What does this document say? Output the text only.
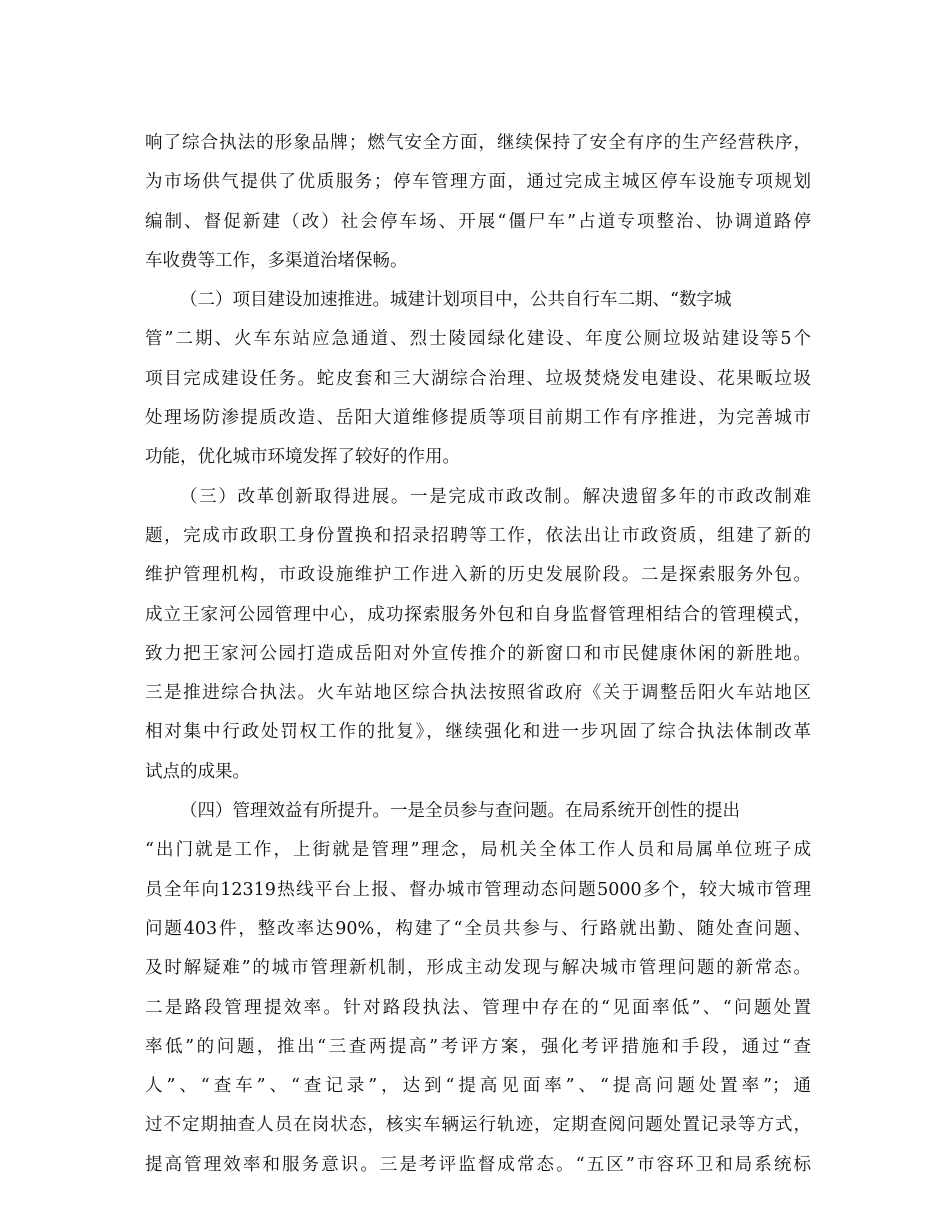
响了综合执法的形象品牌；燃气安全方面，继续保持了安全有序的生产经营秩序，
为市场供气提供了优质服务；停车管理方面，通过完成主城区停车设施专项规划
编制、督促新建（改）社会停车场、开展“僵尸车”占道专项整治、协调道路停
车收费等工作，多渠道治堵保畅。
（二）项目建设加速推进。城建计划项目中，公共自行车二期、“数字城
管”二期、火车东站应急通道、烈士陵园绿化建设、年度公厕垃圾站建设等5个
项目完成建设任务。蛇皮套和三大湖综合治理、垃圾焚烧发电建设、花果畈垃圾
处理场防渗提质改造、岳阳大道维修提质等项目前期工作有序推进，为完善城市
功能，优化城市环境发挥了较好的作用。
（三）改革创新取得进展。一是完成市政改制。解决遗留多年的市政改制难
题，完成市政职工身份置换和招录招聘等工作，依法出让市政资质，组建了新的
维护管理机构，市政设施维护工作进入新的历史发展阶段。二是探索服务外包。
成立王家河公园管理中心，成功探索服务外包和自身监督管理相结合的管理模式，
致力把王家河公园打造成岳阳对外宣传推介的新窗口和市民健康休闲的新胜地。
三是推进综合执法。火车站地区综合执法按照省政府《关于调整岳阳火车站地区
相对集中行政处罚权工作的批复》，继续强化和进一步巩固了综合执法体制改革
试点的成果。
（四）管理效益有所提升。一是全员参与查问题。在局系统开创性的提出
“出门就是工作，上街就是管理”理念，局机关全体工作人员和局属单位班子成
员全年向12319热线平台上报、督办城市管理动态问题5000多个，较大城市管理
问题403件，整改率达90%，构建了“全员共参与、行路就出勤、随处查问题、
及时解疑难”的城市管理新机制，形成主动发现与解决城市管理问题的新常态。
二是路段管理提效率。针对路段执法、管理中存在的“见面率低”、“问题处置
率低”的问题，推出“三查两提高”考评方案，强化考评措施和手段，通过“查
人”、“查车”、“查记录”，达到“提高见面率”、“提高问题处置率”；通
过不定期抽查人员在岗状态，核实车辆运行轨迹，定期查阅问题处置记录等方式，
提高管理效率和服务意识。三是考评监督成常态。“五区”市容环卫和局系统标
